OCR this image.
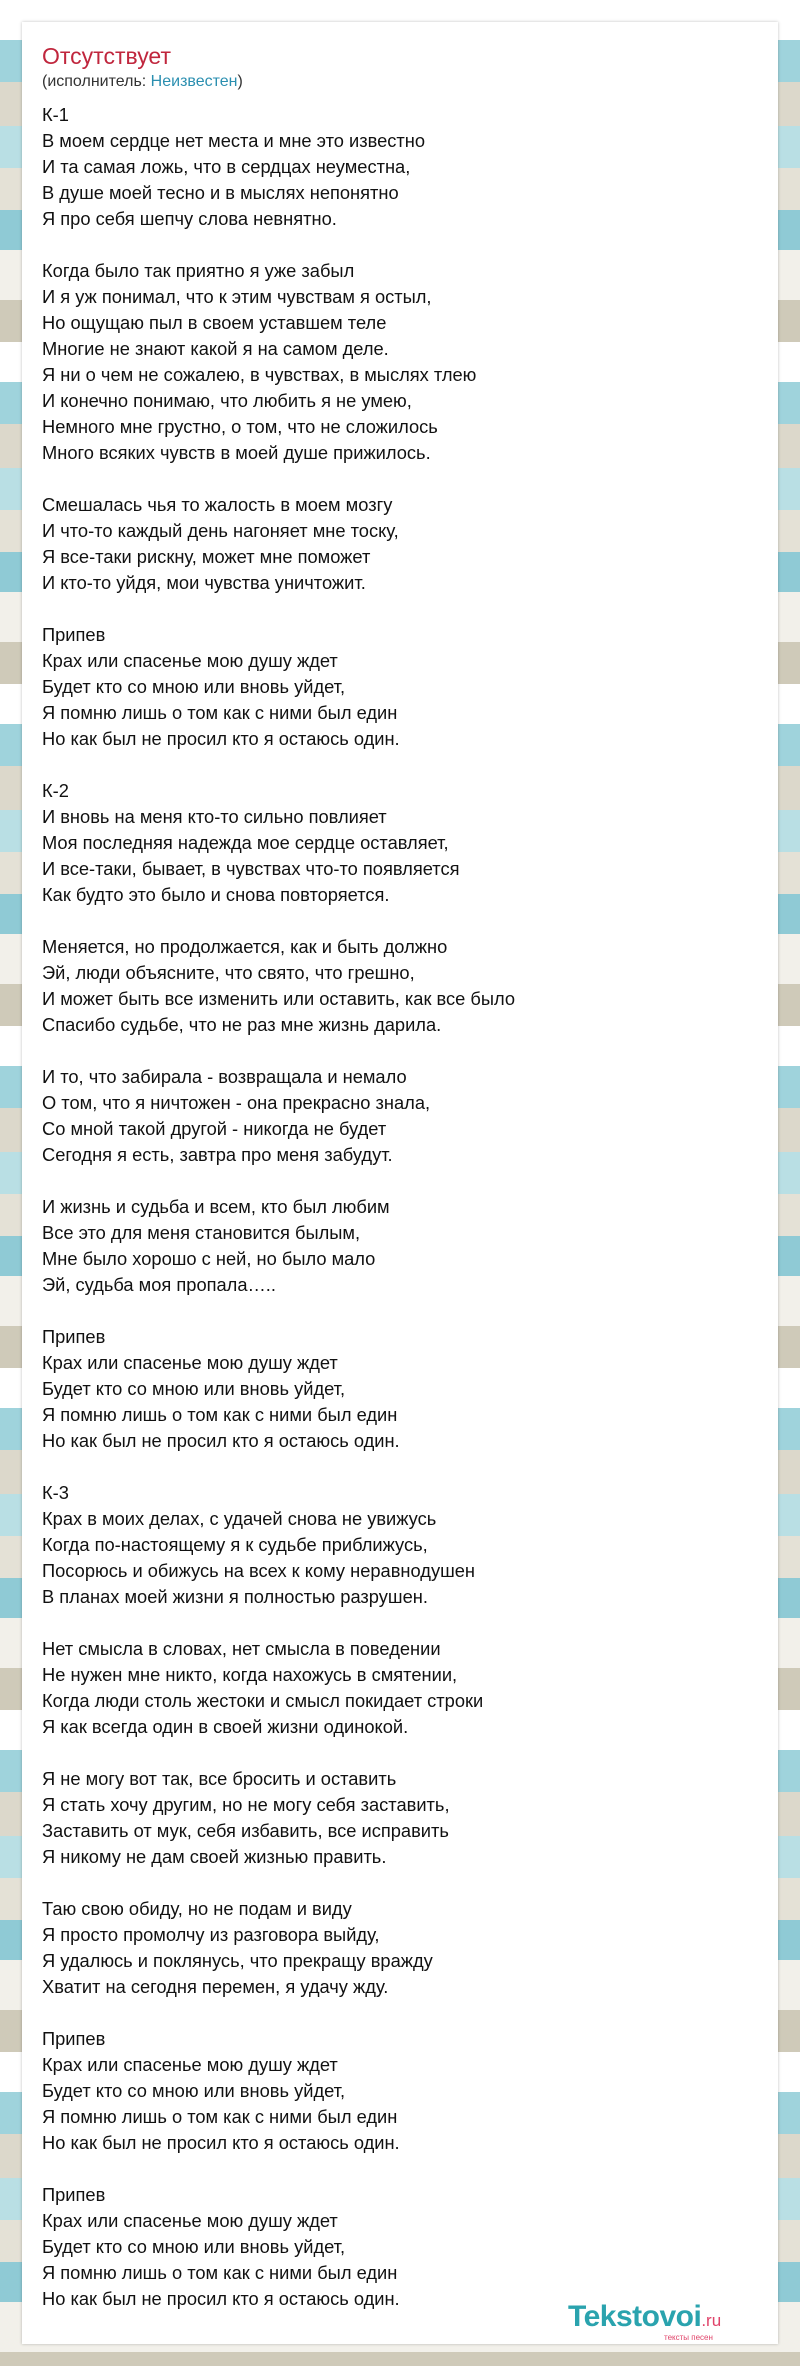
Отсутствует
(исполнитель: Неизвестен)
К-1
В моем сердце нет места и мне это известно
И та самая ложь, что в сердцах неуместна,
В душе моей тесно и в мыслях непонятно
Я про себя шепчу слова невнятно.
Когда было так приятно я уже забыл
И я уж понимал, что к этим чувствам я остыл,
Но ощущаю пыл в своем уставшем теле
Многие не знают какой я на самом деле.
Я ни о чем не сожалею, в чувствах, в мыслях тлею
И конечно понимаю, что любить я не умею,
Немного мне грустно, о том, что не сложилось
Много всяких чувств в моей душе прижилось.
Смешалась чья то жалость в моем мозгу
И что-то каждый день нагоняет мне тоску,
Я все-таки рискну, может мне поможет
И кто-то уйдя, мои чувства уничтожит.
Припев
Крах или спасенье мою душу ждет
Будет кто со мною или вновь уйдет,
Я помню лишь о том как с ними был един
Но как был не просил кто я остаюсь один.
К-2
И вновь на меня кто-то сильно повлияет
Моя последняя надежда мое сердце оставляет,
И все-таки, бывает, в чувствах что-то появляется
Как будто это было и снова повторяется.
Меняется, но продолжается, как и быть должно
Эй, люди объясните, что свято, что грешно,
И может быть все изменить или оставить, как все было
Спасибо судьбе, что не раз мне жизнь дарила.
И то, что забирала - возвращала и немало
О том, что я ничтожен - она прекрасно знала,
Со мной такой другой - никогда не будет
Сегодня я есть, завтра про меня забудут.
И жизнь и судьба и всем, кто был любим
Все это для меня становится былым,
Мне было хорошо с ней, но было мало
Эй, судьба моя пропала…..
Припев
Крах или спасенье мою душу ждет
Будет кто со мною или вновь уйдет,
Я помню лишь о том как с ними был един
Но как был не просил кто я остаюсь один.
К-3
Крах в моих делах, с удачей снова не увижусь
Когда по-настоящему я к судьбе приближусь,
Посорюсь и обижусь на всех к кому неравнодушен
В планах моей жизни я полностью разрушен.
Нет смысла в словах, нет смысла в поведении
Не нужен мне никто, когда нахожусь в смятении,
Когда люди столь жестоки и смысл покидает строки
Я как всегда один в своей жизни одинокой.
Я не могу вот так, все бросить и оставить
Я стать хочу другим, но не могу себя заставить,
Заставить от мук, себя избавить, все исправить
Я никому не дам своей жизнью править.
Таю свою обиду, но не подам и виду
Я просто промолчу из разговора выйду,
Я удалюсь и поклянусь, что прекращу вражду
Хватит на сегодня перемен, я удачу жду.
Припев
Крах или спасенье мою душу ждет
Будет кто со мною или вновь уйдет,
Я помню лишь о том как с ними был един
Но как был не просил кто я остаюсь один.
Припев
Крах или спасенье мою душу ждет
Будет кто со мною или вновь уйдет,
Я помню лишь о том как с ними был един
Но как был не просил кто я остаюсь один.
Tekstovoi.ru
тексты песен
